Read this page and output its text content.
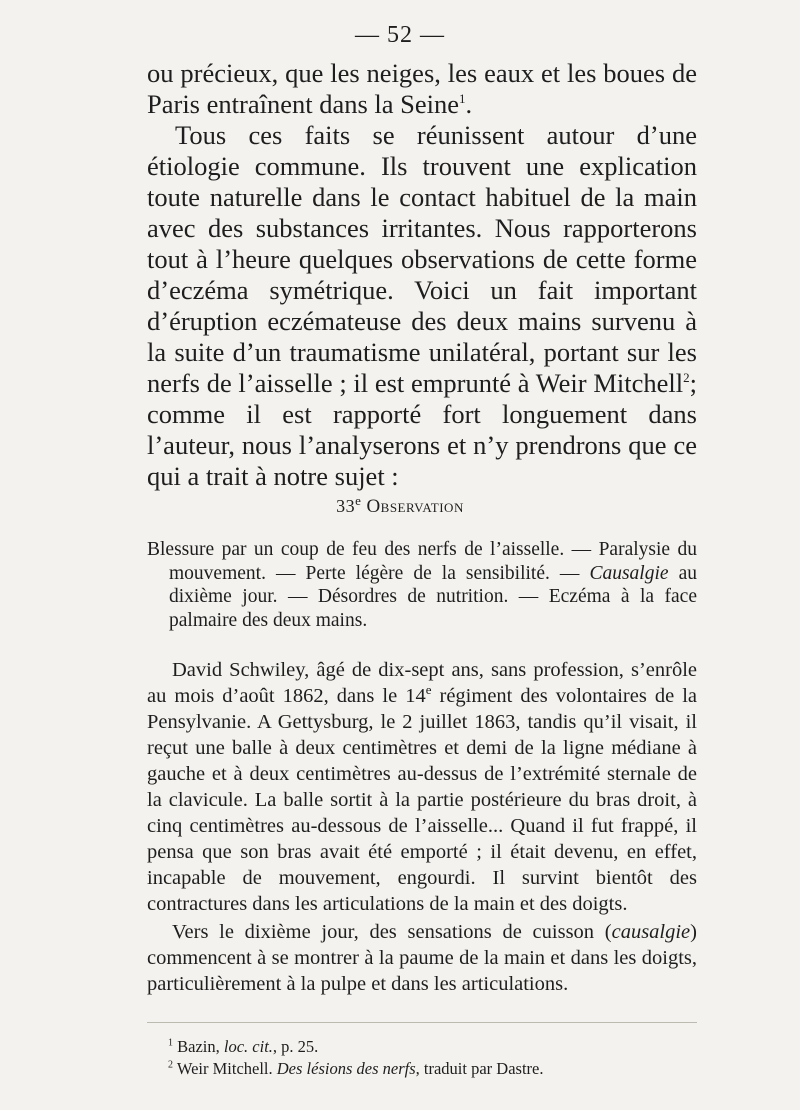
— 52 —

ou précieux, que les neiges, les eaux et les boues de Paris entraînent dans la Seine$^1$.

Tous ces faits se réunissent autour d’une étiologie commune. Ils trouvent une explication toute naturelle dans le contact habituel de la main avec des substances irritantes. Nous rapporterons tout à l’heure quelques observations de cette forme d’eczéma symétrique. Voici un fait important d’éruption eczémateuse des deux mains survenu à la suite d’un traumatisme unilatéral, portant sur les nerfs de l’aisselle ; il est emprunté à Weir Mitchell$^2$; comme il est rapporté fort longuement dans l’auteur, nous l’analyserons et n’y prendrons que ce qui a trait à notre sujet :

33e Observation

Blessure par un coup de feu des nerfs de l’aisselle. — Paralysie du mouvement. — Perte légère de la sensibilité. — Causalgie au dixième jour. — Désordres de nutrition. — Eczéma à la face palmaire des deux mains.

David Schwiley, âgé de dix-sept ans, sans profession, s’enrôle au mois d’août 1862, dans le 14e régiment des volontaires de la Pensylvanie. A Gettysburg, le 2 juillet 1863, tandis qu’il visait, il reçut une balle à deux centimètres et demi de la ligne médiane à gauche et à deux centimètres au-dessus de l’extrémité sternale de la clavicule. La balle sortit à la partie postérieure du bras droit, à cinq centimètres au-dessous de l’aisselle... Quand il fut frappé, il pensa que son bras avait été emporté ; il était devenu, en effet, incapable de mouvement, engourdi. Il survint bientôt des contractures dans les articulations de la main et des doigts.

Vers le dixième jour, des sensations de cuisson (causalgie) commencent à se montrer à la paume de la main et dans les doigts, particulièrement à la pulpe et dans les articulations.

$^1$ Bazin, loc. cit., p. 25.
$^2$ Weir Mitchell. Des lésions des nerfs, traduit par Dastre.
